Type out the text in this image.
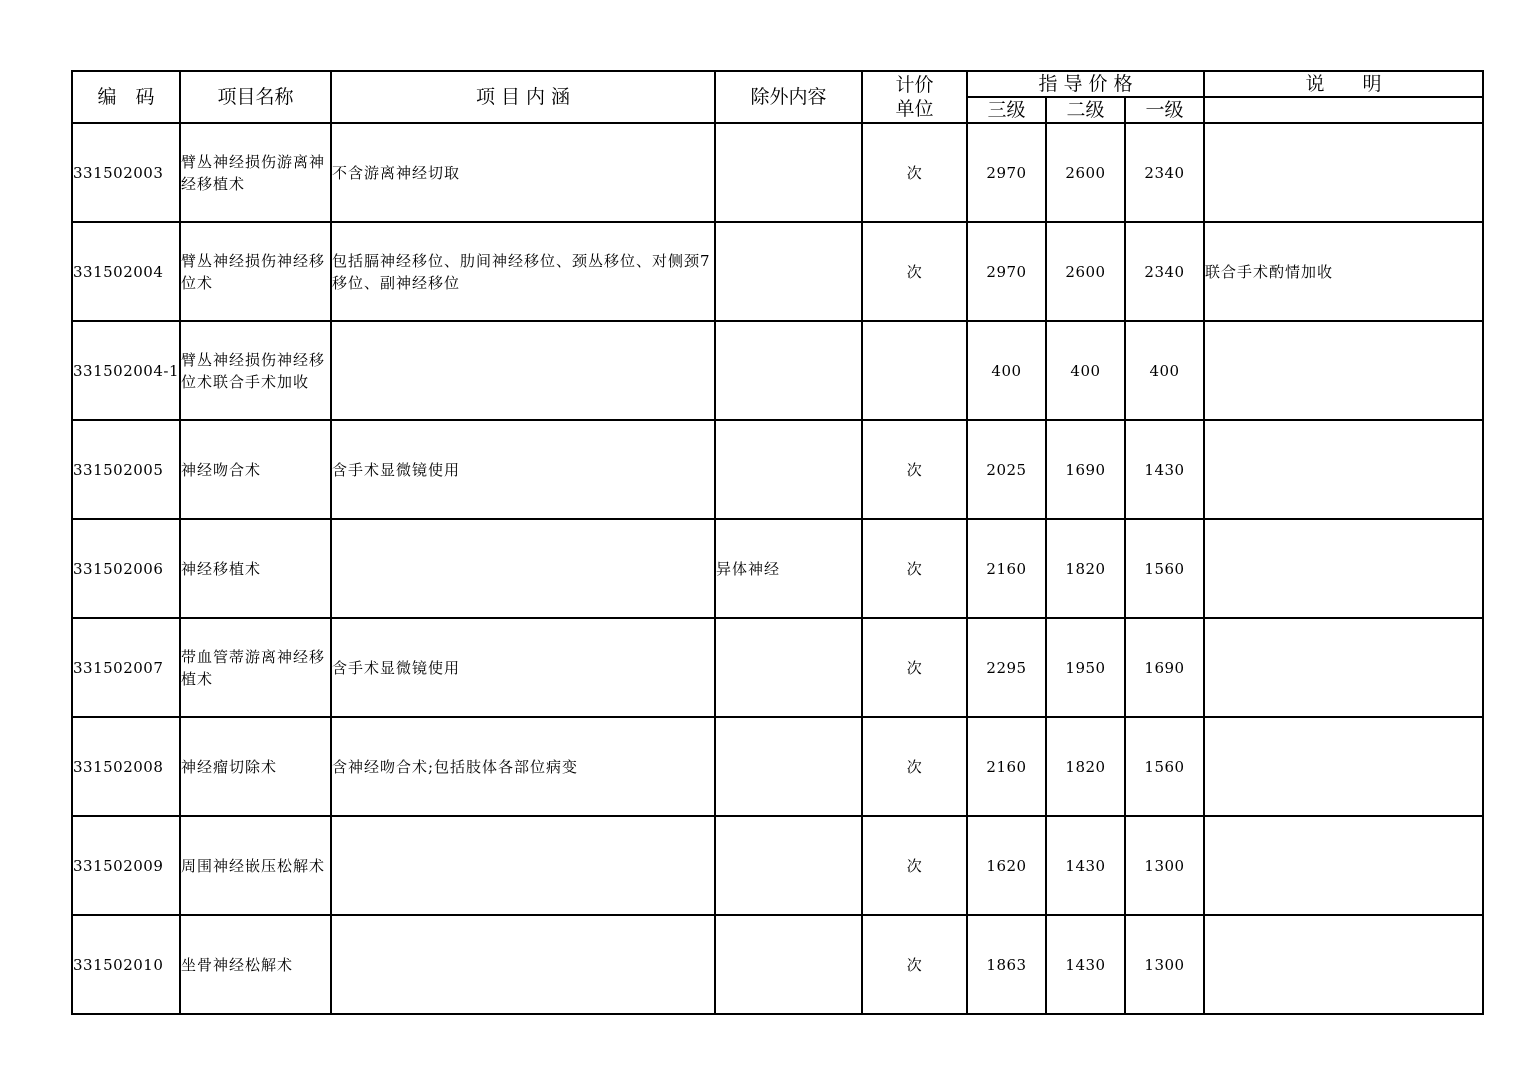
编　码	项目名称	项 目 内 涵	除外内容	计价
单位	指 导 价 格			说　　明
					三级	二级	一级	
331502003	臂丛神经损伤游离神经移植术	不含游离神经切取		次	2970	2600	2340	
331502004	臂丛神经损伤神经移位术	包括膈神经移位、肋间神经移位、颈丛移位、对侧颈7移位、副神经移位		次	2970	2600	2340	联合手术酌情加收
331502004-1	臂丛神经损伤神经移位术联合手术加收				400	400	400	
331502005	神经吻合术	含手术显微镜使用		次	2025	1690	1430	
331502006	神经移植术		异体神经	次	2160	1820	1560	
331502007	带血管蒂游离神经移植术	含手术显微镜使用		次	2295	1950	1690	
331502008	神经瘤切除术	含神经吻合术;包括肢体各部位病变		次	2160	1820	1560	
331502009	周围神经嵌压松解术			次	1620	1430	1300	
331502010	坐骨神经松解术			次	1863	1430	1300	
